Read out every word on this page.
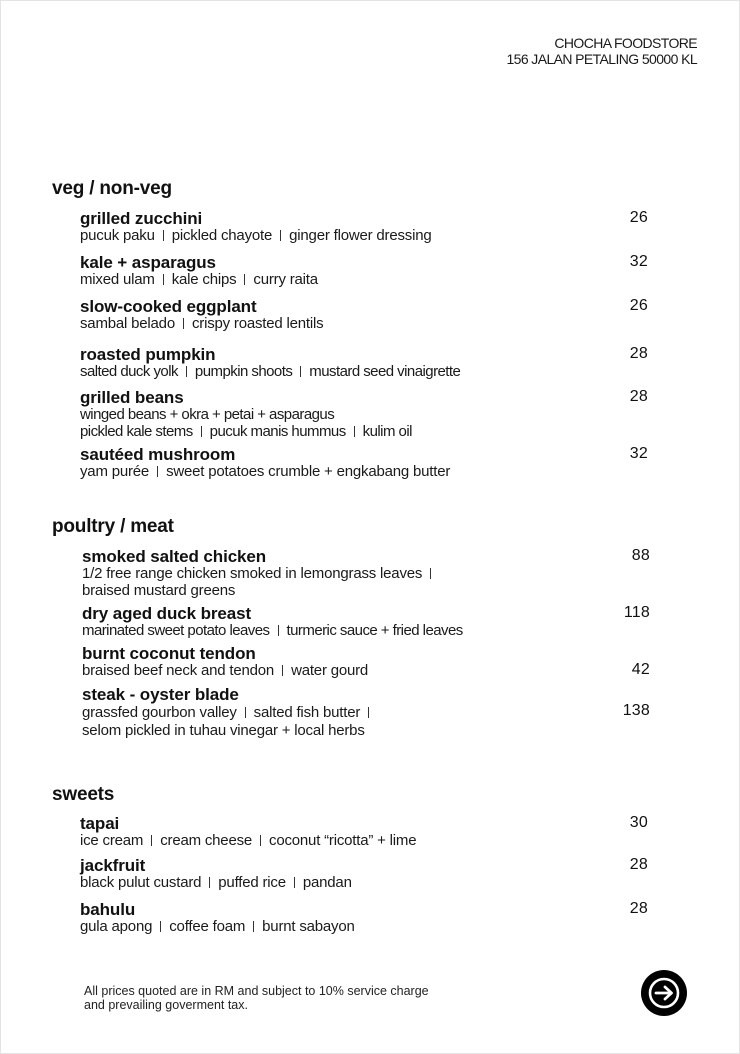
CHOCHA FOODSTORE
156 JALAN PETALING 50000 KL
veg / non-veg
grilled zucchini
pucuk paku pickled chayote ginger flower dressing
26
kale + asparagus
mixed ulam kale chips curry raita
32
slow-cooked eggplant
sambal belado crispy roasted lentils
26
roasted pumpkin
salted duck yolk pumpkin shoots mustard seed vinaigrette
28
grilled beans
winged beans + okra + petai + asparagus
pickled kale stems pucuk manis hummus kulim oil
28
sautéed mushroom
yam purée sweet potatoes crumble + engkabang butter
32
poultry / meat
smoked salted chicken
1/2 free range chicken smoked in lemongrass leaves
braised mustard greens
88
dry aged duck breast
marinated sweet potato leaves turmeric sauce + fried leaves
118
burnt coconut tendon
braised beef neck and tendon water gourd	42
steak - oyster blade
grassfed gourbon valley salted fish butter
selom pickled in tuhau vinegar + local herbs
138
sweets
tapai
ice cream cream cheese coconut “ricotta” + lime
30
jackfruit
black pulut custard puffed rice pandan
28
bahulu
gula apong coffee foam burnt sabayon
28
All prices quoted are in RM and subject to 10% service charge
and prevailing goverment tax.
